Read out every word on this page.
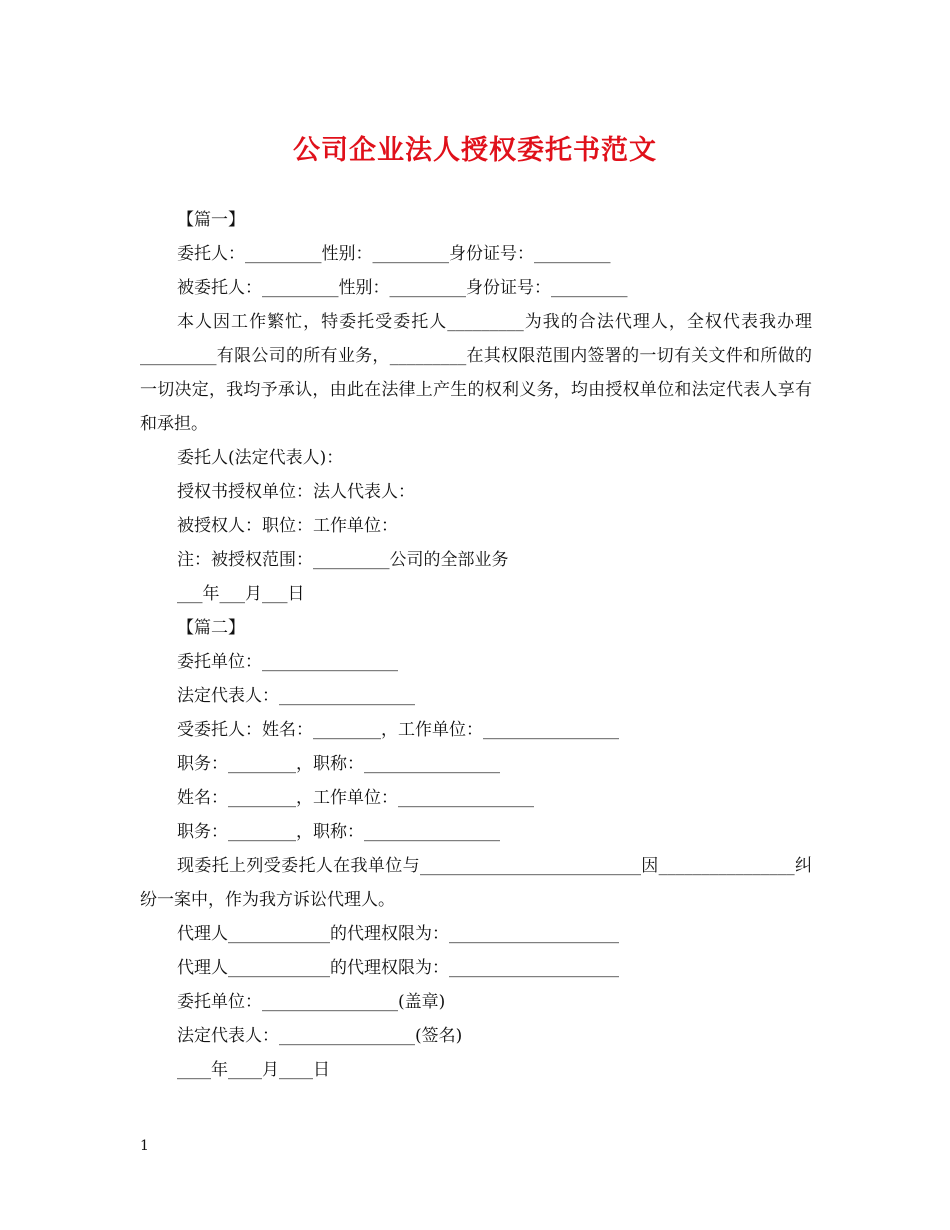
公司企业法人授权委托书范文

【篇一】

委托人：_________性别：_________身份证号：_________

被委托人：_________性别：_________身份证号：_________

本人因工作繁忙，特委托受委托人_________为我的合法代理人，全权代表我办理_________有限公司的所有业务，_________在其权限范围内签署的一切有关文件和所做的一切决定，我均予承认，由此在法律上产生的权利义务，均由授权单位和法定代表人享有和承担。

委托人(法定代表人)：

授权书授权单位：法人代表人：

被授权人：职位：工作单位：

注：被授权范围：_________公司的全部业务

___年___月___日

【篇二】

委托单位：________________

法定代表人：________________

受委托人：姓名：________，工作单位：________________

职务：________，职称：________________

姓名：________，工作单位：________________

职务：________，职称：________________

现委托上列受委托人在我单位与__________________________因________________纠纷一案中，作为我方诉讼代理人。

代理人____________的代理权限为：____________________

代理人____________的代理权限为：____________________

委托单位：________________(盖章)

法定代表人：________________(签名)

____年____月____日

1
